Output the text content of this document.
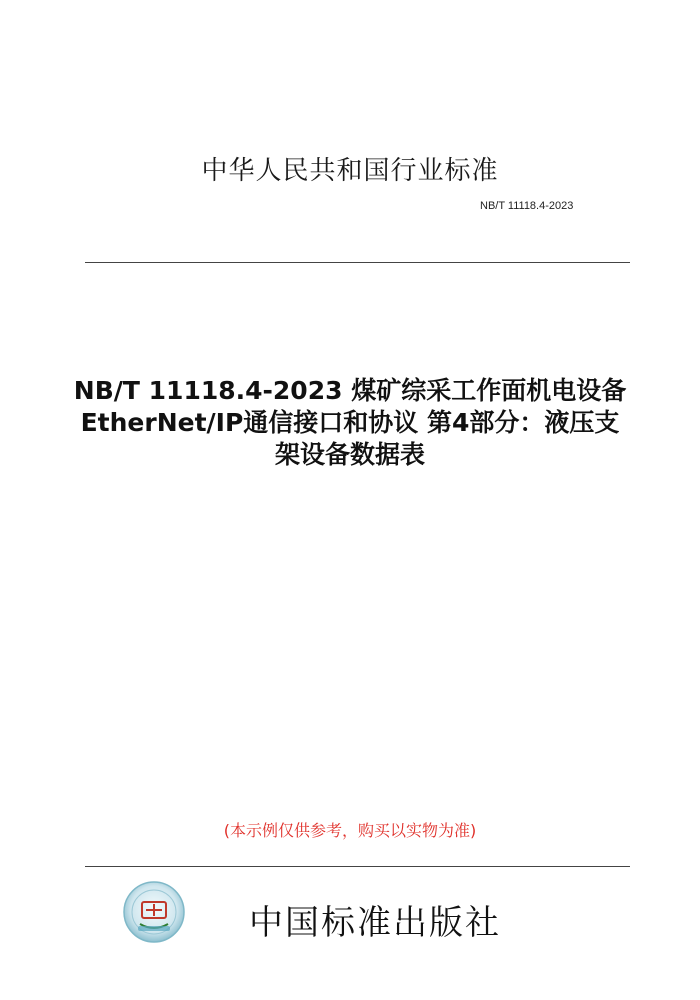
中华人民共和国行业标准
NB/T 11118.4-2023
NB/T 11118.4-2023 煤矿综采工作面机电设备
EtherNet/IP通信接口和协议 第4部分：液压支
架设备数据表
(本示例仅供参考，购买以实物为准)
中国标准出版社
